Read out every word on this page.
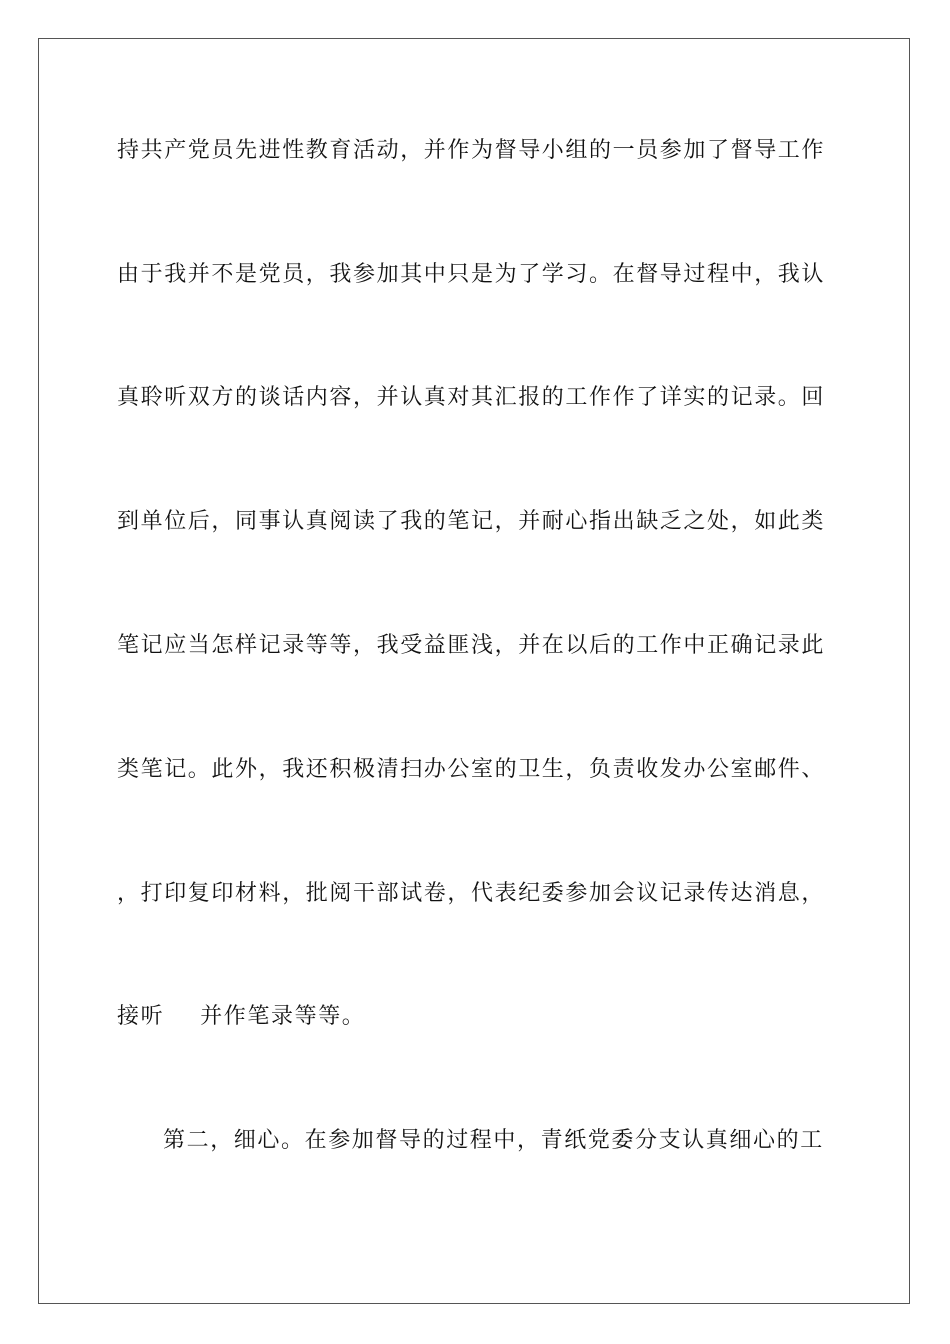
持共产党员先进性教育活动，并作为督导小组的一员参加了督导工作
由于我并不是党员，我参加其中只是为了学习。在督导过程中，我认
真聆听双方的谈话内容，并认真对其汇报的工作作了详实的记录。回
到单位后，同事认真阅读了我的笔记，并耐心指出缺乏之处，如此类
笔记应当怎样记录等等，我受益匪浅，并在以后的工作中正确记录此
类笔记。此外，我还积极清扫办公室的卫生，负责收发办公室邮件、
，打印复印材料，批阅干部试卷，代表纪委参加会议记录传达消息，
接听 并作笔录等等。
第二，细心。在参加督导的过程中，青纸党委分支认真细心的工
